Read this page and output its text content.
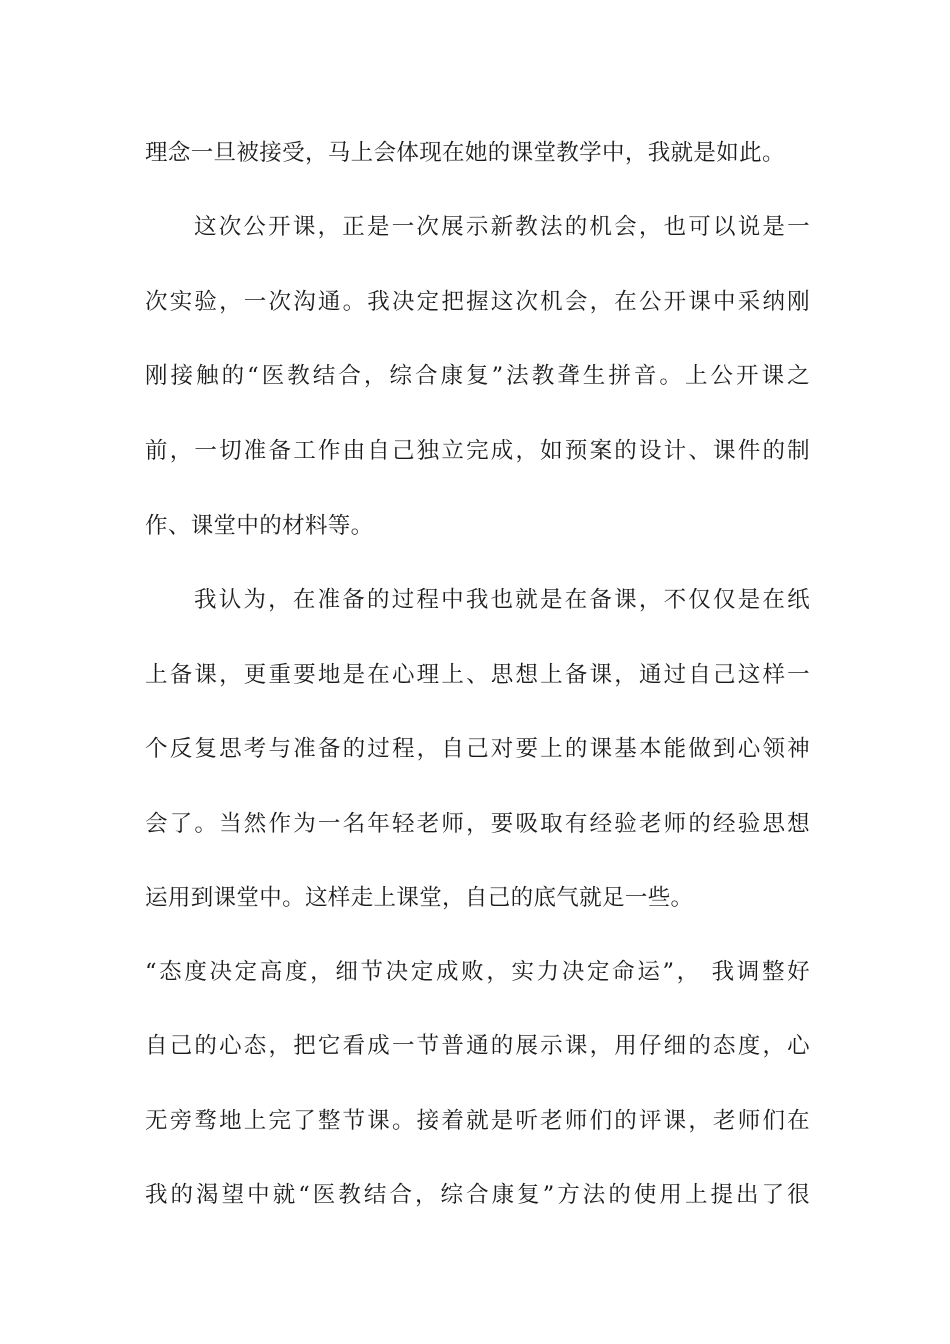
理念一旦被接受，马上会体现在她的课堂教学中，我就是如此。
这次公开课，正是一次展示新教法的机会，也可以说是一
次实验，一次沟通。我决定把握这次机会，在公开课中采纳刚
刚接触的“医教结合，综合康复”法教聋生拼音。上公开课之
前，一切准备工作由自己独立完成，如预案的设计、课件的制
作、课堂中的材料等。
我认为，在准备的过程中我也就是在备课，不仅仅是在纸
上备课，更重要地是在心理上、思想上备课，通过自己这样一
个反复思考与准备的过程，自己对要上的课基本能做到心领神
会了。当然作为一名年轻老师，要吸取有经验老师的经验思想
运用到课堂中。这样走上课堂，自己的底气就足一些。
“态度决定高度，细节决定成败，实力决定命运”， 我调整好
自己的心态，把它看成一节普通的展示课，用仔细的态度，心
无旁骛地上完了整节课。接着就是听老师们的评课，老师们在
我的渴望中就“医教结合，综合康复”方法的使用上提出了很
